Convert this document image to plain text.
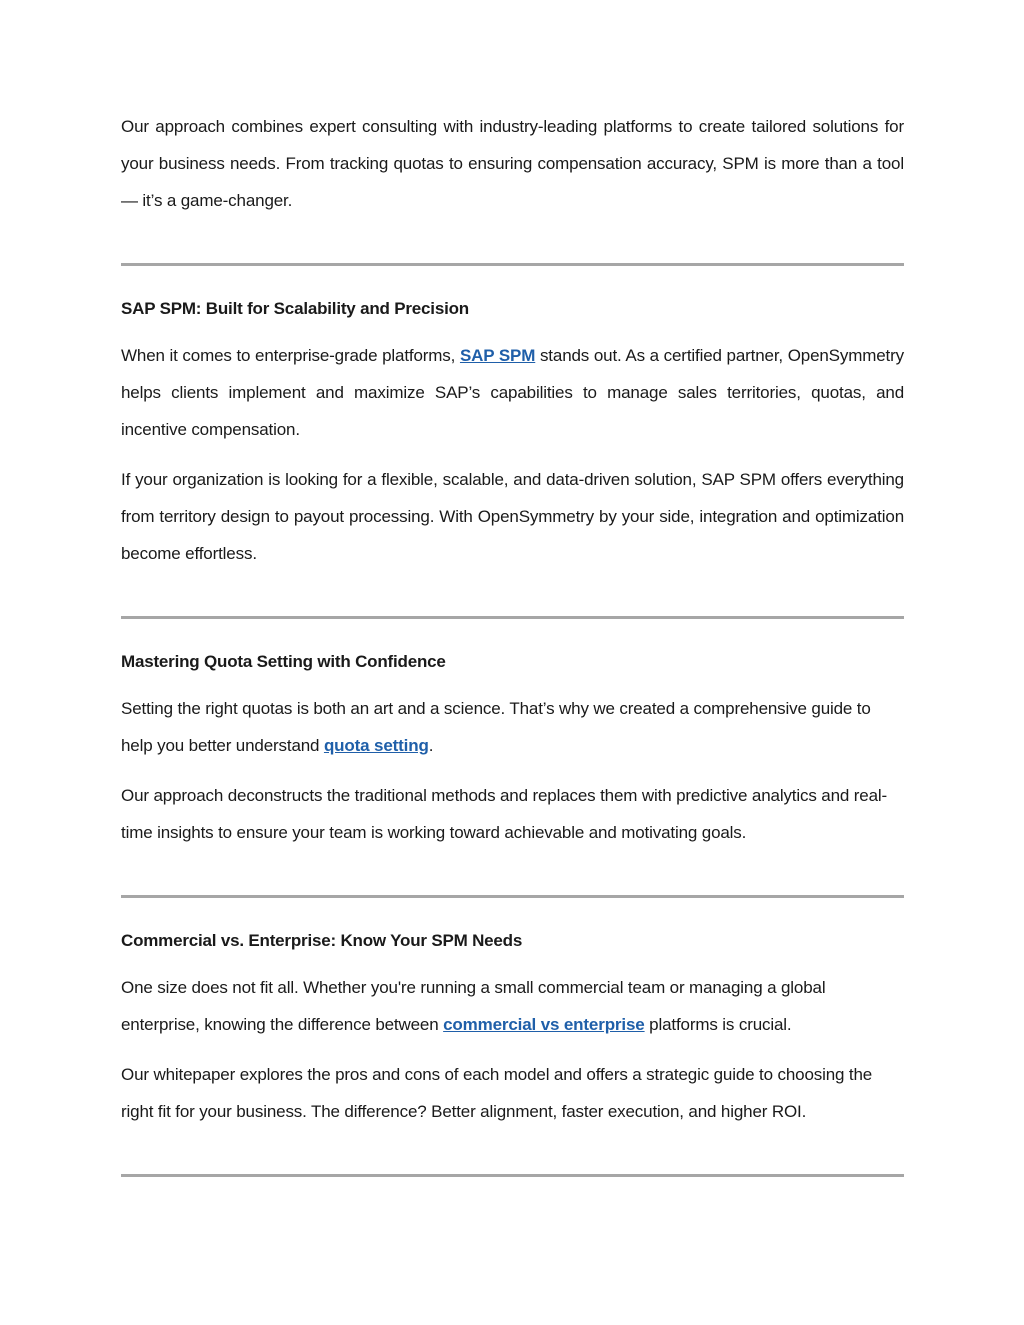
Our approach combines expert consulting with industry-leading platforms to create tailored solutions for your business needs. From tracking quotas to ensuring compensation accuracy, SPM is more than a tool — it’s a game-changer.

SAP SPM: Built for Scalability and Precision

When it comes to enterprise-grade platforms, SAP SPM stands out. As a certified partner, OpenSymmetry helps clients implement and maximize SAP’s capabilities to manage sales territories, quotas, and incentive compensation.

If your organization is looking for a flexible, scalable, and data-driven solution, SAP SPM offers everything from territory design to payout processing. With OpenSymmetry by your side, integration and optimization become effortless.

Mastering Quota Setting with Confidence

Setting the right quotas is both an art and a science. That’s why we created a comprehensive guide to help you better understand quota setting.

Our approach deconstructs the traditional methods and replaces them with predictive analytics and real-time insights to ensure your team is working toward achievable and motivating goals.

Commercial vs. Enterprise: Know Your SPM Needs

One size does not fit all. Whether you're running a small commercial team or managing a global enterprise, knowing the difference between commercial vs enterprise platforms is crucial.

Our whitepaper explores the pros and cons of each model and offers a strategic guide to choosing the right fit for your business. The difference? Better alignment, faster execution, and higher ROI.
